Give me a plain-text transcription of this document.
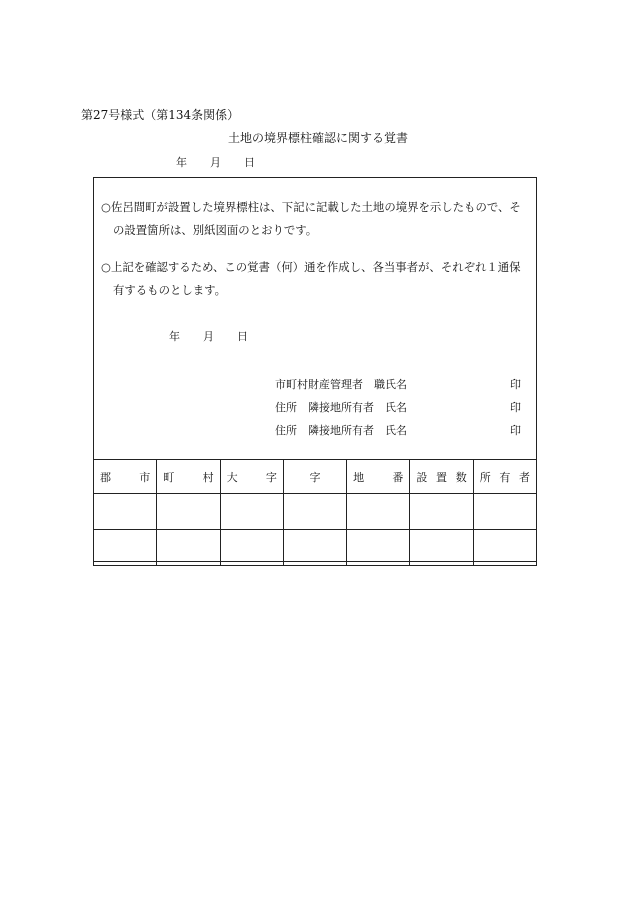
第27号様式（第134条関係）
土地の境界標柱確認に関する覚書
年 月 日
○佐呂間町が設置した境界標柱は、下記に記載した土地の境界を示したもので、そ
の設置箇所は、別紙図面のとおりです。
○上記を確認するため、この覚書（何）通を作成し、各当事者が、それぞれ１通保
有するものとします。
年 月 日
市町村財産管理者　職氏名	印
住所　隣接地所有者　氏名	印
住所　隣接地所有者　氏名	印
郡 市	町 村	大 字	字	地 番	設 置 数	所 有 者
